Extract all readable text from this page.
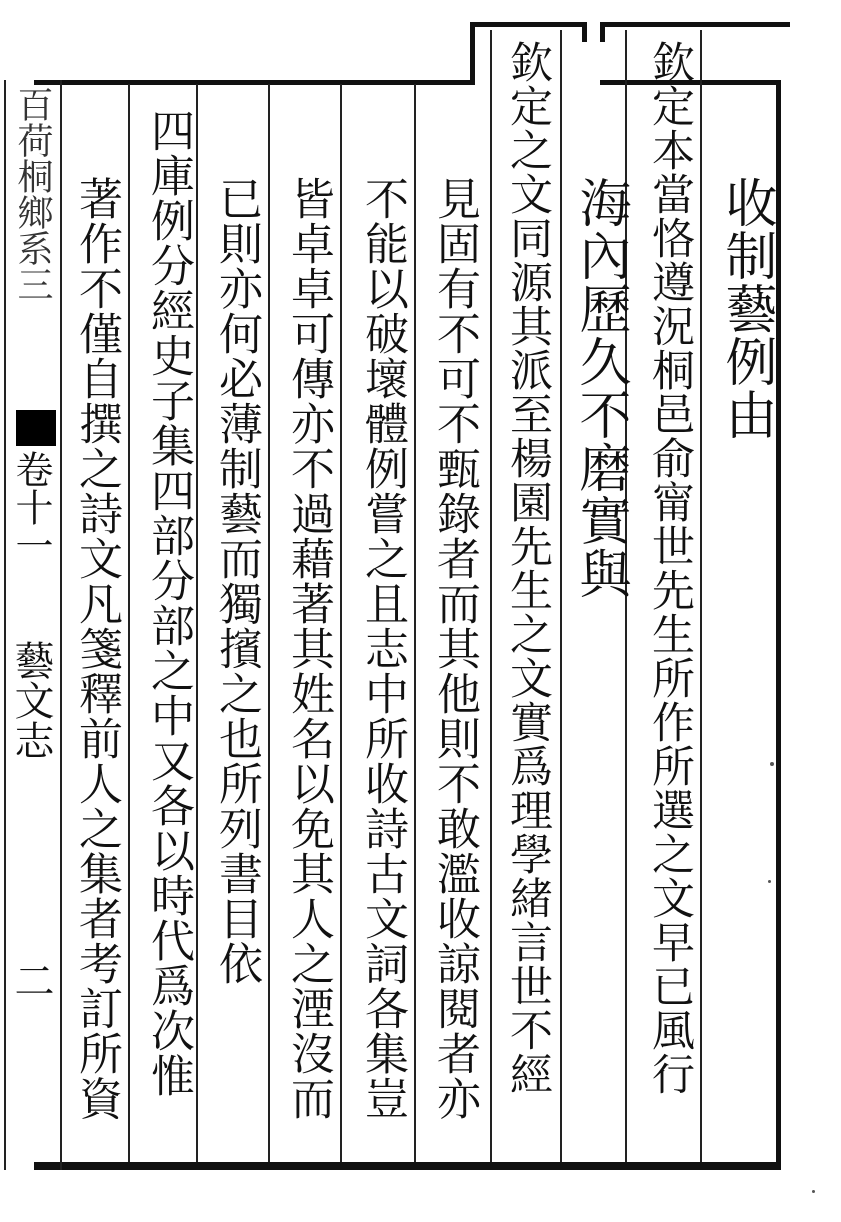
百荷桐鄉系三
卷十一
藝文志
二
收制藝例由
欽定本當恪遵況桐邑俞甯世先生所作所選之文早已風行
海內歷久不磨實與
欽定之文同源其派至楊園先生之文實爲理學緒言世不經
見固有不可不甄錄者而其他則不敢濫收諒閱者亦
不能以破壞體例嘗之且志中所收詩古文詞各集豈
皆卓卓可傳亦不過藉著其姓名以免其人之湮沒而
已則亦何必薄制藝而獨擯之也所列書目依
四庫例分經史子集四部分部之中又各以時代爲次惟
著作不僅自撰之詩文凡箋釋前人之集者考訂所資
